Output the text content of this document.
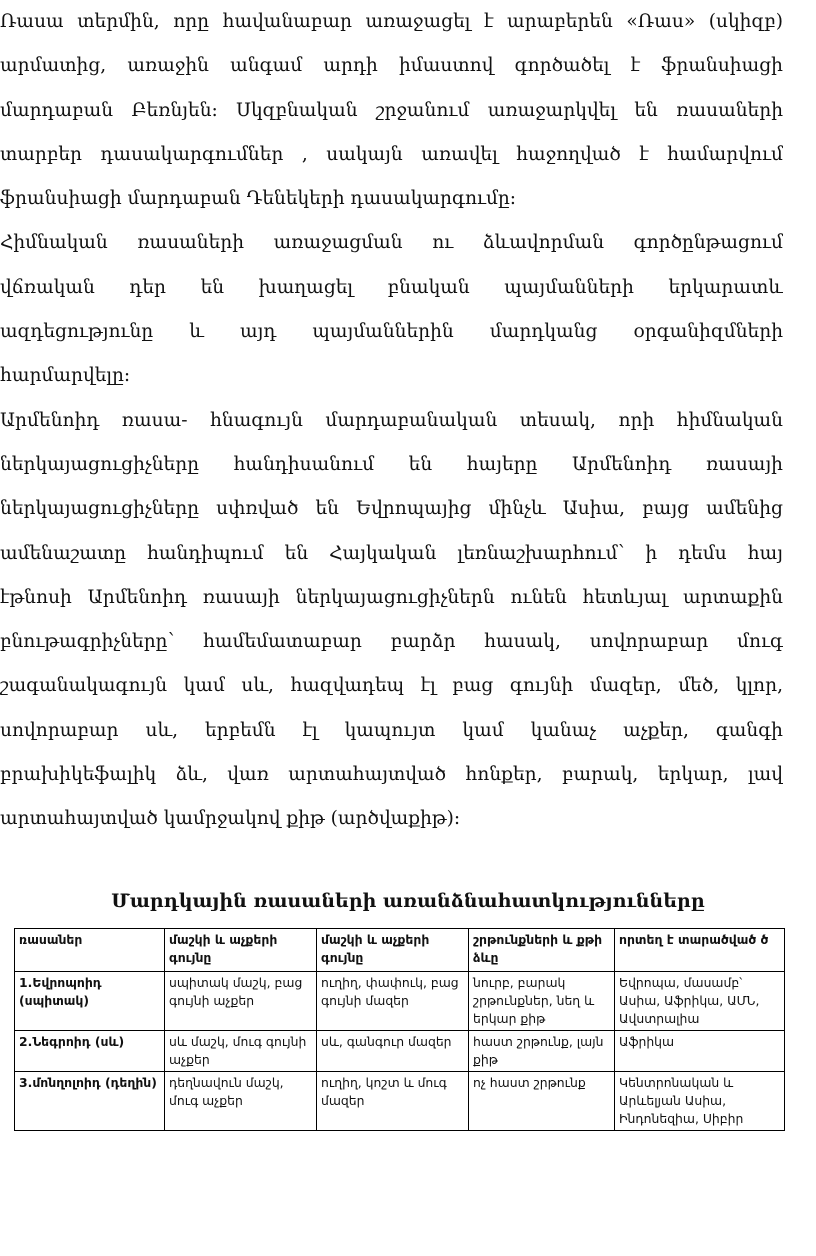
Ռասա տերմին, որը հավանաբար առաջացել է արաբերեն «Ռաս» (սկիզբ)
արմատից, առաջին անգամ արդի իմաստով գործածել է ֆրանսիացի
մարդաբան Բեռնյեն: Սկզբնական շրջանում առաջարկվել են ռասաների
տարբեր դասակարգումներ , սակայն առավել հաջողված է համարվում
ֆրանսիացի մարդաբան Դենեկերի դասակարգումը:
Հիմնական ռասաների առաջացման ու ձևավորման գործընթացում
վճռական դեր են խաղացել բնական պայմանների երկարատև
ազդեցությունը և այդ պայմաններին մարդկանց օրգանիզմների
հարմարվելը:
Արմենոիդ ռասա- հնագույն մարդաբանական տեսակ, որի հիմնական
ներկայացուցիչները հանդիսանում են հայերը Արմենոիդ ռասայի
ներկայացուցիչները սփռված են Եվրոպայից մինչև Ասիա, բայց ամենից
ամենաշատը հանդիպում են Հայկական լեռնաշխարհում՝ ի դեմս հայ
էթնոսի Արմենոիդ ռասայի ներկայացուցիչներն ունեն հետևյալ արտաքին
բնութագրիչները՝ համեմատաբար բարձր հասակ, սովորաբար մուգ
շագանակագույն կամ սև, հազվադեպ էլ բաց գույնի մազեր, մեծ, կլոր,
սովորաբար սև, երբեմն էլ կապույտ կամ կանաչ աչքեր, գանգի
բրախիկեֆալիկ ձև, վառ արտահայտված հոնքեր, բարակ, երկար, լավ
արտահայտված կամրջակով քիթ (արծվաքիթ):
Մարդկային ռասաների առանձնահատկությունները
ռասաներ	մաշկի և աչքերի գույնը	մաշկի և աչքերի գույնը	շրթունքների և քթի ձևը	որտեղ է տարածված ծ
1.Եվրոպոիդ (սպիտակ)	սպիտակ մաշկ, բաց գույնի աչքեր	ուղիղ, փափուկ, բաց գույնի մազեր	նուրբ, բարակ շրթունքներ, նեղ և երկար քիթ	Եվրոպա, մասամբ՝ Ասիա, Աֆրիկա, ԱՄՆ, Ավստրալիա
2.Նեգրոիդ (սև)	սև մաշկ, մուգ գույնի աչքեր	սև, գանգուր մազեր	հաստ շրթունք, լայն քիթ	Աֆրիկա
3.մոնղոլոիդ (դեղին)	դեղնավուն մաշկ, մուգ աչքեր	ուղիղ, կոշտ և մուգ մազեր	ոչ հաստ շրթունք	Կենտրոնական և Արևելյան Ասիա, Ինդոնեզիա, Սիբիր
